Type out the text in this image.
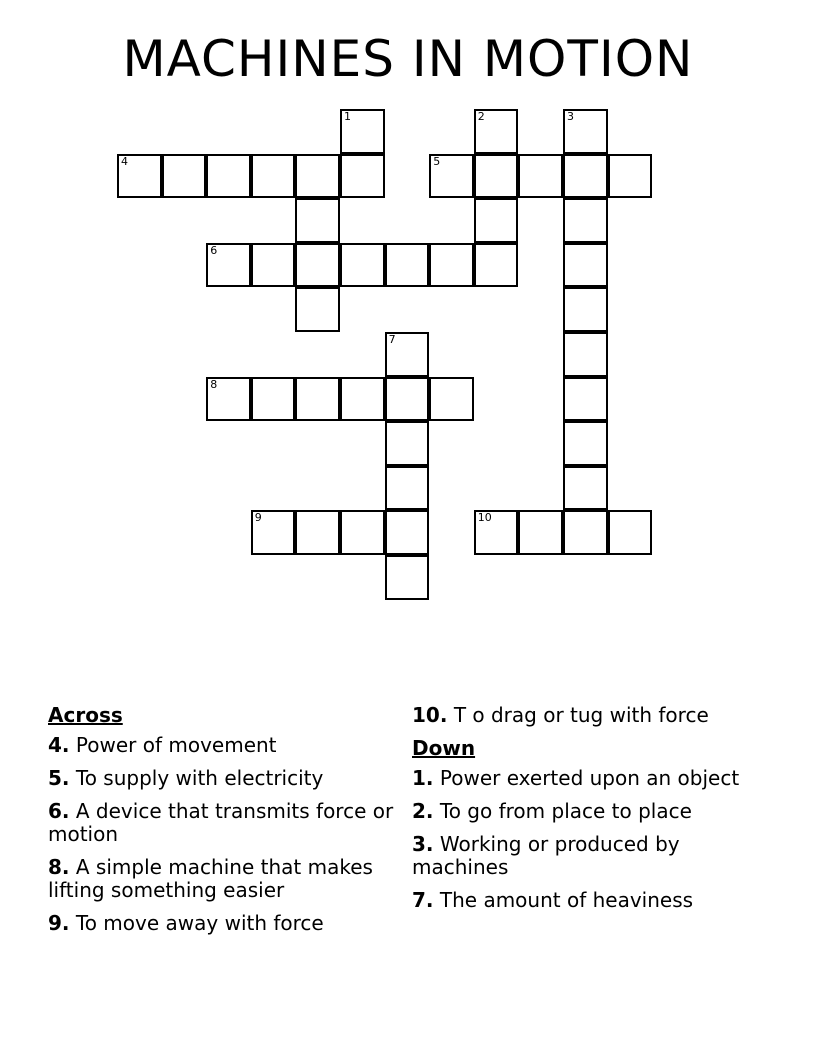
MACHINES IN MOTION
1	2	3
4	5
6
7
8
9	10
Across
4. Power of movement
5. To supply with electricity
6. A device that transmits force or motion
8. A simple machine that makes lifting something easier
9. To move away with force
10. T o drag or tug with force
Down
1. Power exerted upon an object
2. To go from place to place
3. Working or produced by machines
7. The amount of heaviness
